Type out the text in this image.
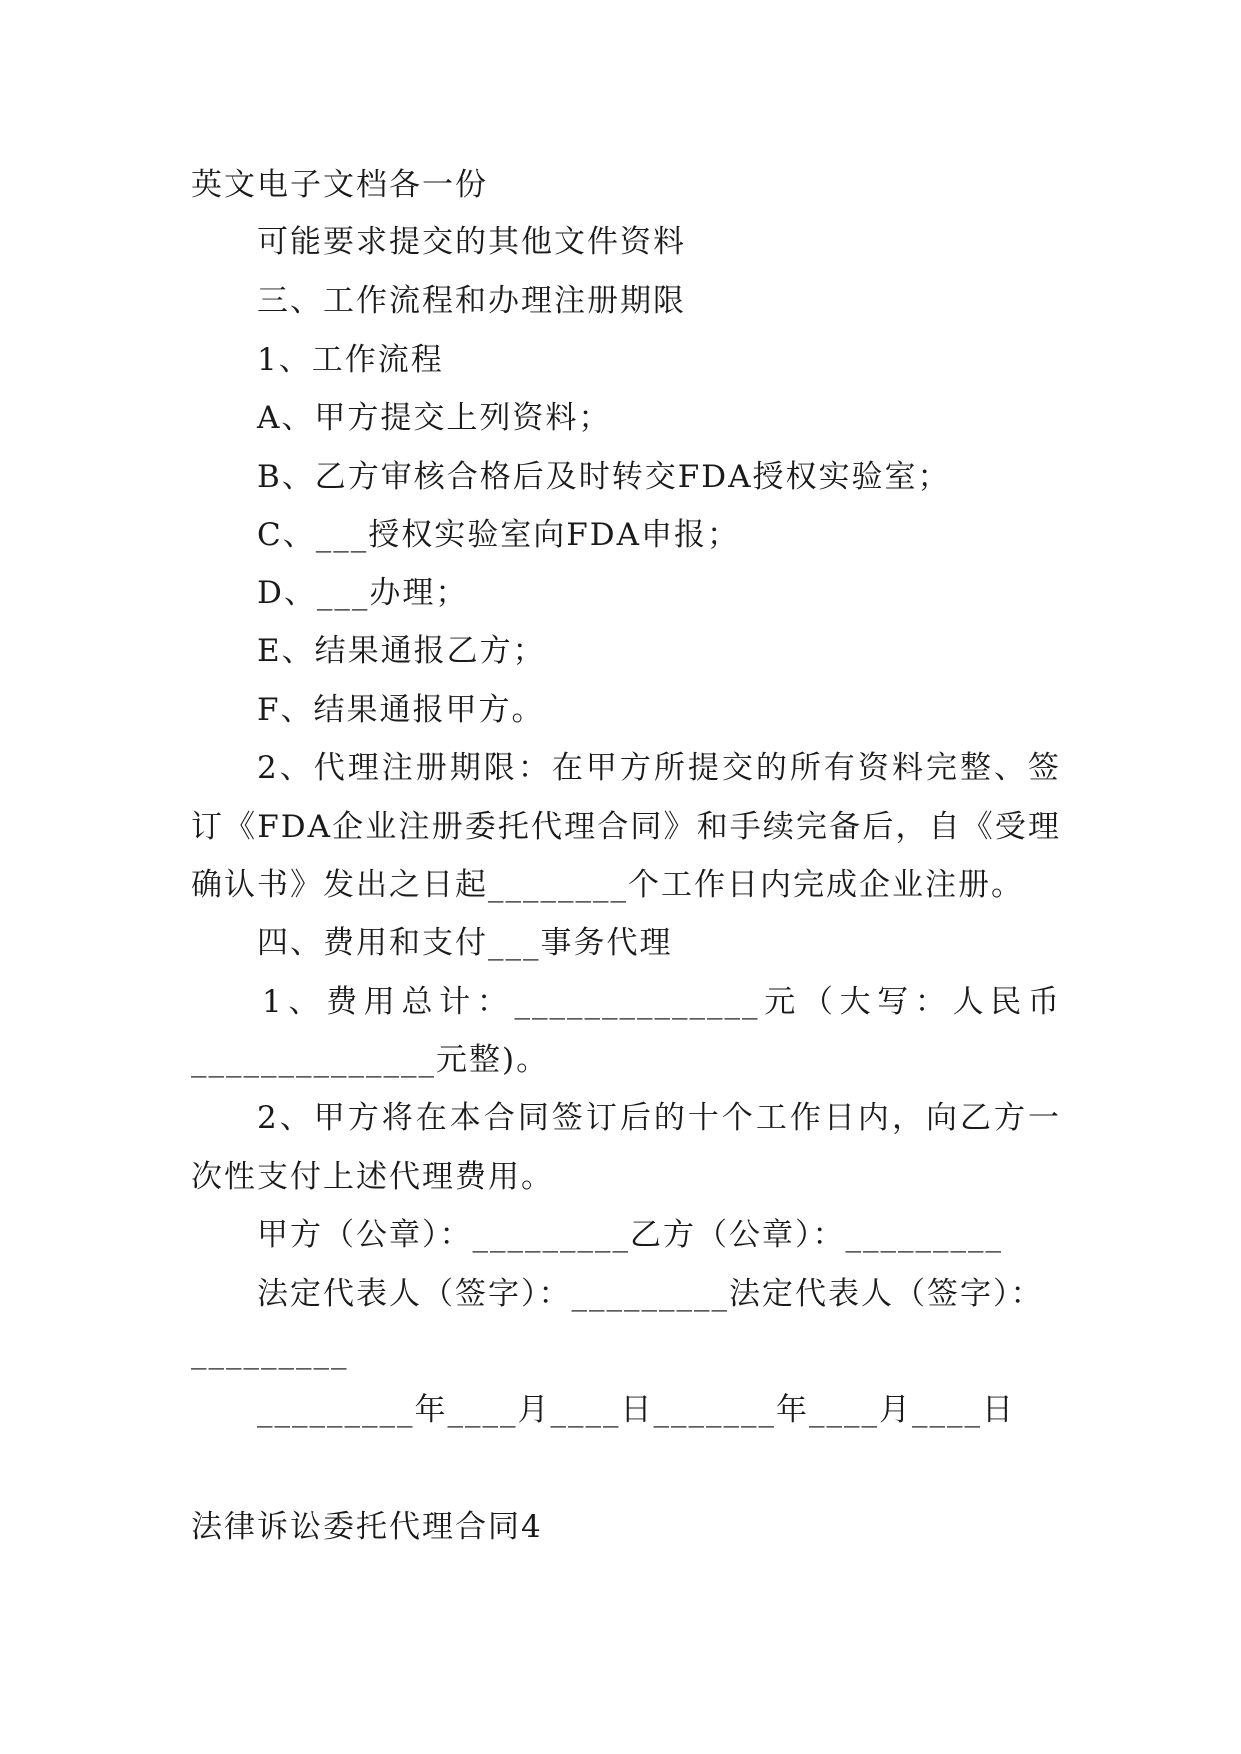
英文电子文档各一份
可能要求提交的其他文件资料
三、工作流程和办理注册期限
1、工作流程
A、甲方提交上列资料；
B、乙方审核合格后及时转交FDA授权实验室；
C、___授权实验室向FDA申报；
D、___办理；
E、结果通报乙方；
F、结果通报甲方。
2、代理注册期限：在甲方所提交的所有资料完整、签
订《FDA企业注册委托代理合同》和手续完备后，自《受理
确认书》发出之日起________个工作日内完成企业注册。
四、费用和支付___事务代理
1、费用总计：______________元（大写：人民币
______________元整)。
2、甲方将在本合同签订后的十个工作日内，向乙方一
次性支付上述代理费用。
甲方（公章）：_________乙方（公章）：_________
法定代表人（签字）：_________法定代表人（签字）：
_________
_________年____月____日_______年____月____日
法律诉讼委托代理合同4
